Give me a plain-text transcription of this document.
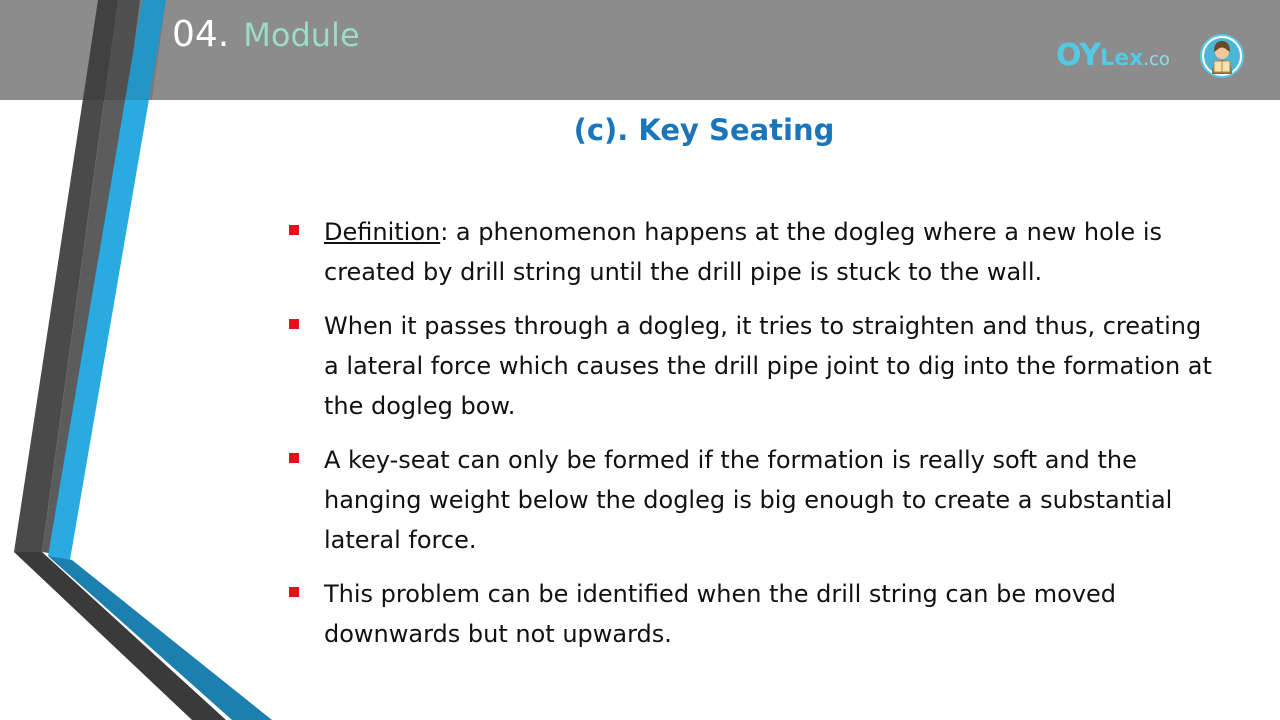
04. Module
OY Lex .co
(c). Key Seating
Definition: a phenomenon happens at the dogleg where a new hole is created by drill string until the drill pipe is stuck to the wall.
When it passes through a dogleg, it tries to straighten and thus, creating a lateral force which causes the drill pipe joint to dig into the formation at the dogleg bow.
A key-seat can only be formed if the formation is really soft and the hanging weight below the dogleg is big enough to create a substantial lateral force.
This problem can be identified when the drill string can be moved downwards but not upwards.
